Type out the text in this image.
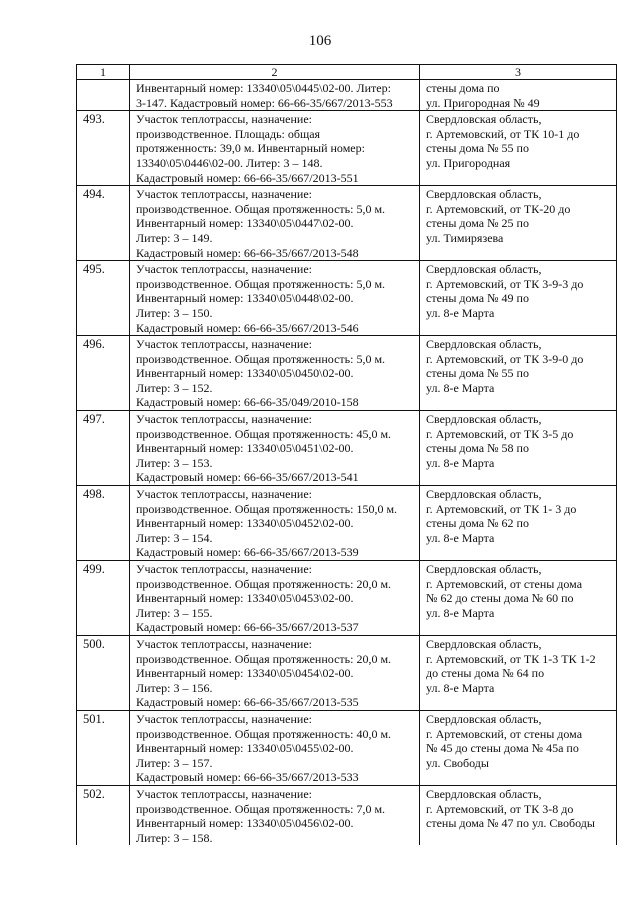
106
1	2	3

	Инвентарный номер: 13340\05\0445\02-00. Литер:
3-147. Кадастровый номер: 66-66-35/667/2013-553	стены дома по
ул. Пригородная № 49

493.	Участок теплотрассы, назначение:
производственное. Площадь: общая
протяженность: 39,0 м. Инвентарный номер:
13340\05\0446\02-00. Литер: 3 – 148.
Кадастровый номер: 66-66-35/667/2013-551	Свердловская область,
г. Артемовский, от ТК 10-1 до
стены дома № 55 по
ул. Пригородная

494.	Участок теплотрассы, назначение:
производственное. Общая протяженность: 5,0 м.
Инвентарный номер: 13340\05\0447\02-00.
Литер: 3 – 149.
Кадастровый номер: 66-66-35/667/2013-548	Свердловская область,
г. Артемовский, от ТК-20 до
стены дома № 25 по
ул. Тимирязева

495.	Участок теплотрассы, назначение:
производственное. Общая протяженность: 5,0 м.
Инвентарный номер: 13340\05\0448\02-00.
Литер: 3 – 150.
Кадастровый номер: 66-66-35/667/2013-546	Свердловская область,
г. Артемовский, от ТК 3-9-3 до
стены дома № 49 по
ул. 8-е Марта

496.	Участок теплотрассы, назначение:
производственное. Общая протяженность: 5,0 м.
Инвентарный номер: 13340\05\0450\02-00.
Литер: 3 – 152.
Кадастровый номер: 66-66-35/049/2010-158	Свердловская область,
г. Артемовский, от ТК 3-9-0 до
стены дома № 55 по
ул. 8-е Марта

497.	Участок теплотрассы, назначение:
производственное. Общая протяженность: 45,0 м.
Инвентарный номер: 13340\05\0451\02-00.
Литер: 3 – 153.
Кадастровый номер: 66-66-35/667/2013-541	Свердловская область,
г. Артемовский, от ТК 3-5 до
стены дома № 58 по
ул. 8-е Марта

498.	Участок теплотрассы, назначение:
производственное. Общая протяженность: 150,0 м.
Инвентарный номер: 13340\05\0452\02-00.
Литер: 3 – 154.
Кадастровый номер: 66-66-35/667/2013-539	Свердловская область,
г. Артемовский, от ТК 1- 3 до
стены дома № 62 по
ул. 8-е Марта

499.	Участок теплотрассы, назначение:
производственное. Общая протяженность: 20,0 м.
Инвентарный номер: 13340\05\0453\02-00.
Литер: 3 – 155.
Кадастровый номер: 66-66-35/667/2013-537	Свердловская область,
г. Артемовский, от стены дома
№ 62 до стены дома № 60 по
ул. 8-е Марта

500.	Участок теплотрассы, назначение:
производственное. Общая протяженность: 20,0 м.
Инвентарный номер: 13340\05\0454\02-00.
Литер: 3 – 156.
Кадастровый номер: 66-66-35/667/2013-535	Свердловская область,
г. Артемовский, от ТК 1-3 ТК 1-2
до стены дома № 64 по
ул. 8-е Марта

501.	Участок теплотрассы, назначение:
производственное. Общая протяженность: 40,0 м.
Инвентарный номер: 13340\05\0455\02-00.
Литер: 3 – 157.
Кадастровый номер: 66-66-35/667/2013-533	Свердловская область,
г. Артемовский, от стены дома
№ 45 до стены дома № 45а по
ул. Свободы

502.	Участок теплотрассы, назначение:
производственное. Общая протяженность: 7,0 м.
Инвентарный номер: 13340\05\0456\02-00.
Литер: 3 – 158.	Свердловская область,
г. Артемовский, от ТК 3-8 до
стены дома № 47 по ул. Свободы
